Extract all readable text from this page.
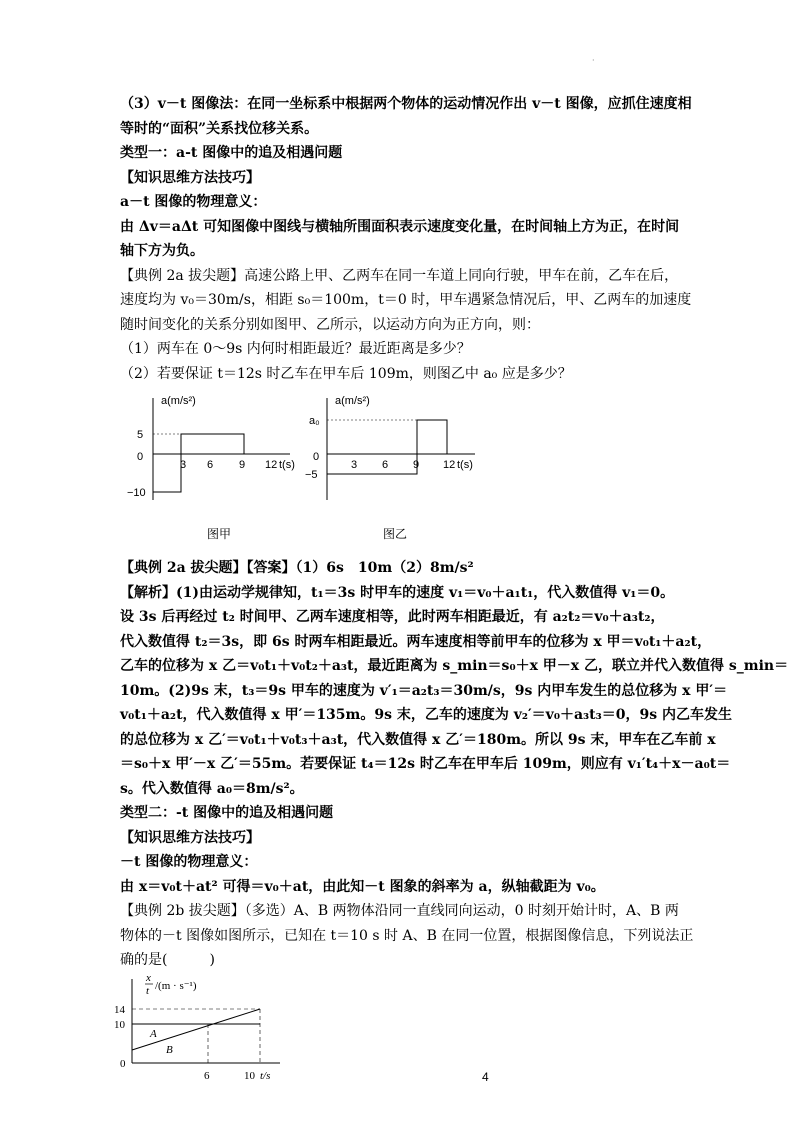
·
（3）v－t 图像法：在同一坐标系中根据两个物体的运动情况作出 v－t 图像，应抓住速度相
等时的“面积”关系找位移关系。
类型一：a-t 图像中的追及相遇问题
【知识思维方法技巧】
a－t 图像的物理意义：
由 Δv＝aΔt 可知图像中图线与横轴所围面积表示速度变化量，在时间轴上方为正，在时间
轴下方为负。
【典例 2a 拔尖题】高速公路上甲、乙两车在同一车道上同向行驶，甲车在前，乙车在后，
速度均为 v₀＝30m/s，相距 s₀＝100m，t＝0 时，甲车遇紧急情况后，甲、乙两车的加速度
随时间变化的关系分别如图甲、乙所示，以运动方向为正方向，则：
（1）两车在 0～9s 内何时相距最近？最近距离是多少？
（2）若要保证 t＝12s 时乙车在甲车后 109m，则图乙中 a₀ 应是多少？
a(m/s²)
5
0
−10
3 6 9 12 t(s)
图甲
a(m/s²)
a₀
0
−5
3 6 9 12 t(s)
图乙
【典例 2a 拔尖题】【答案】（1）6s　10m（2）8m/s²
【解析】(1)由运动学规律知，t₁＝3s 时甲车的速度 v₁＝v₀＋a₁t₁，代入数值得 v₁＝0。
设 3s 后再经过 t₂ 时间甲、乙两车速度相等，此时两车相距最近，有 a₂t₂＝v₀＋a₃t₂，
代入数值得 t₂＝3s，即 6s 时两车相距最近。两车速度相等前甲车的位移为 x 甲＝v₀t₁＋a₂t，
乙车的位移为 x 乙＝v₀t₁＋v₀t₂＋a₃t，最近距离为 s_min＝s₀＋x 甲－x 乙，联立并代入数值得 s_min＝
10m。(2)9s 末，t₃＝9s 甲车的速度为 v′₁＝a₂t₃＝30m/s，9s 内甲车发生的总位移为 x 甲′＝
v₀t₁＋a₂t，代入数值得 x 甲′＝135m。9s 末，乙车的速度为 v₂′＝v₀＋a₃t₃＝0，9s 内乙车发生
的总位移为 x 乙′＝v₀t₁＋v₀t₃＋a₃t，代入数值得 x 乙′＝180m。所以 9s 末，甲车在乙车前 x
＝s₀＋x 甲′－x 乙′＝55m。若要保证 t₄＝12s 时乙车在甲车后 109m，则应有 v₁′t₄＋x－a₀t＝
s。代入数值得 a₀＝8m/s²。
类型二：-t 图像中的追及相遇问题
【知识思维方法技巧】
－t 图像的物理意义：
由 x＝v₀t＋at² 可得＝v₀＋at，由此知－t 图象的斜率为 a，纵轴截距为 v₀。
【典例 2b 拔尖题】（多选）A、B 两物体沿同一直线同向运动，0 时刻开始计时，A、B 两
物体的－t 图像如图所示，已知在 t＝10 s 时 A、B 在同一位置，根据图像信息，下列说法正
确的是(　　　)
x
t /(m · s⁻¹)
14
10
0
A
B
6	10 t/s	4
